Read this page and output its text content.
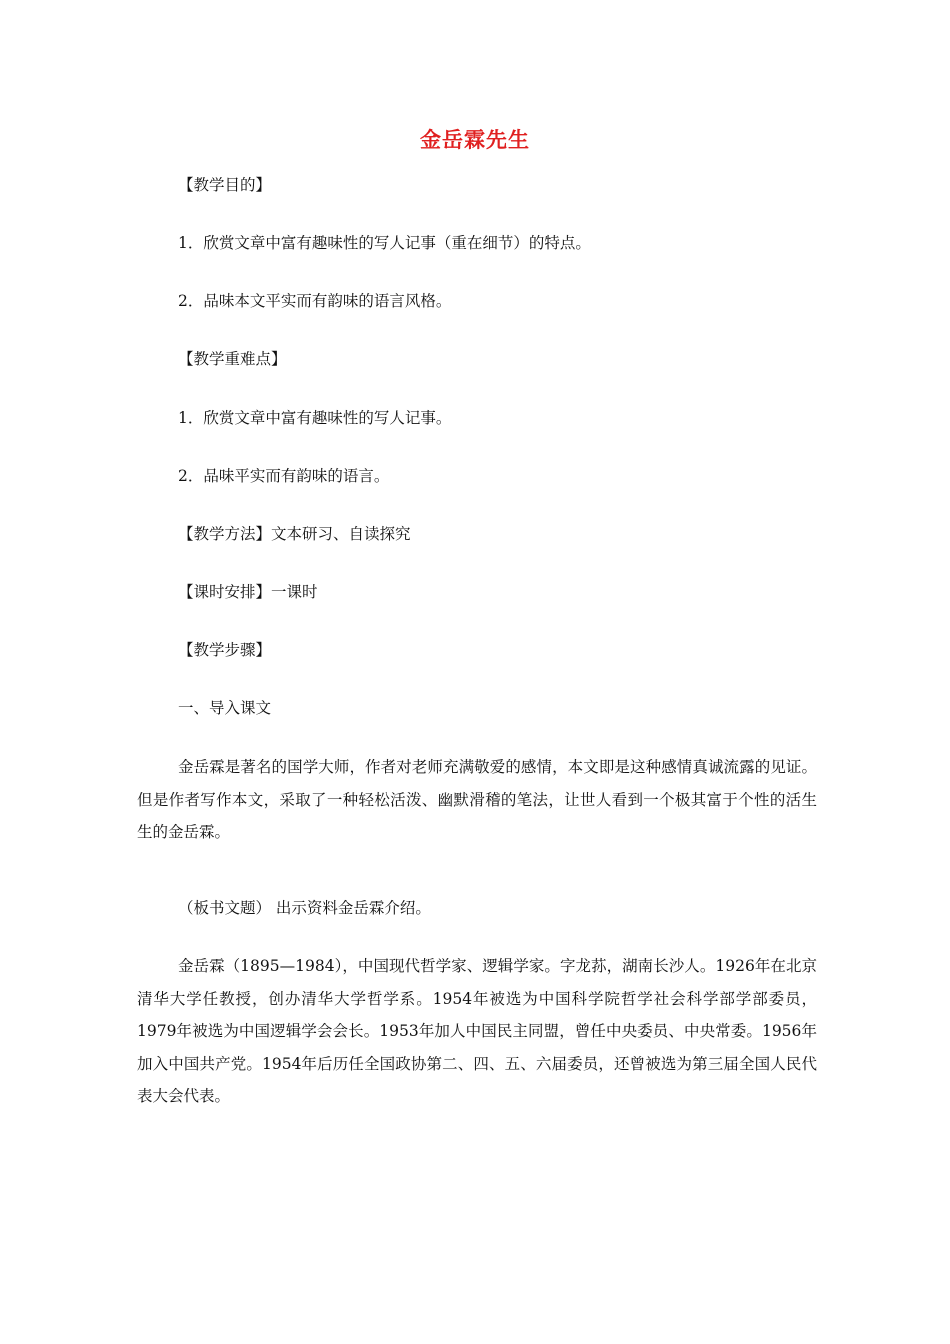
金岳霖先生
【教学目的】
1．欣赏文章中富有趣味性的写人记事（重在细节）的特点。
2．品味本文平实而有韵味的语言风格。
【教学重难点】
1．欣赏文章中富有趣味性的写人记事。
2．品味平实而有韵味的语言。
【教学方法】文本研习、自读探究
【课时安排】一课时
【教学步骤】
一、导入课文
金岳霖是著名的国学大师，作者对老师充满敬爱的感情，本文即是这种感情真诚流露的见证。但是作者写作本文，采取了一种轻松活泼、幽默滑稽的笔法，让世人看到一个极其富于个性的活生生的金岳霖。
（板书文题） 出示资料金岳霖介绍。
金岳霖（1895—1984），中国现代哲学家、逻辑学家。字龙荪，湖南长沙人。1926年在北京清华大学任教授，创办清华大学哲学系。1954年被选为中国科学院哲学社会科学部学部委员，1979年被选为中国逻辑学会会长。1953年加人中国民主同盟，曾任中央委员、中央常委。1956年加入中国共产党。1954年后历任全国政协第二、四、五、六届委员，还曾被选为第三届全国人民代表大会代表。
